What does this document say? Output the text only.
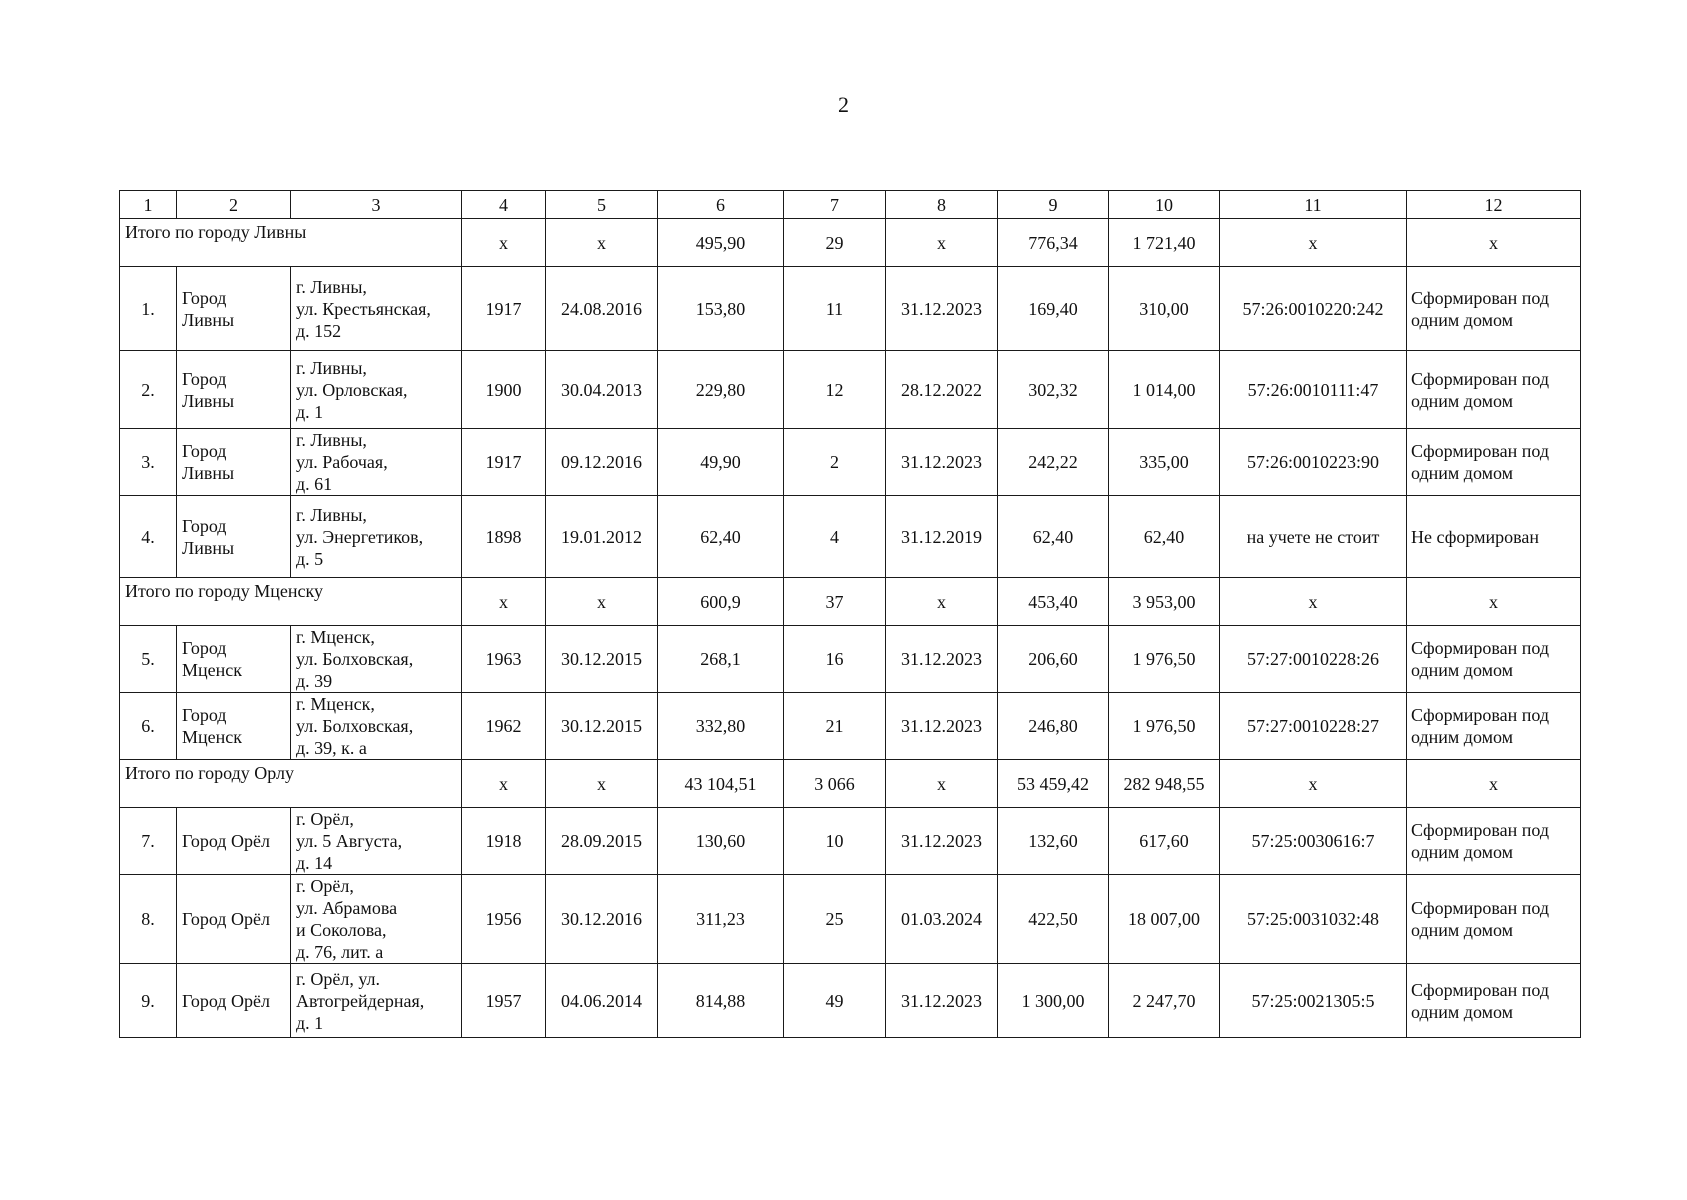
2
1	2	3	4	5	6	7	8	9	10	11	12
Итого по городу Ливны			x	x	495,90	29	x	776,34	1 721,40	x	x
1.	Город
Ливны	г. Ливны,
ул. Крестьянская,
д. 152	1917	24.08.2016	153,80	11	31.12.2023	169,40	310,00	57:26:0010220:242	Сформирован под
одним домом

2.	Город
Ливны	г. Ливны,
ул. Орловская,
д. 1	1900	30.04.2013	229,80	12	28.12.2022	302,32	1 014,00	57:26:0010111:47	Сформирован под
одним домом

3.	Город
Ливны	г. Ливны,
ул. Рабочая,
д. 61	1917	09.12.2016	49,90	2	31.12.2023	242,22	335,00	57:26:0010223:90	Сформирован под
одним домом

4.	Город
Ливны	г. Ливны,
ул. Энергетиков,
д. 5	1898	19.01.2012	62,40	4	31.12.2019	62,40	62,40	на учете не стоит	Не сформирован

Итого по городу Мценску			x	x	600,9	37	x	453,40	3 953,00	x	x
5.	Город
Мценск	г. Мценск,
ул. Болховская,
д. 39	1963	30.12.2015	268,1	16	31.12.2023	206,60	1 976,50	57:27:0010228:26	Сформирован под
одним домом

6.	Город
Мценск	г. Мценск,
ул. Болховская,
д. 39, к. а	1962	30.12.2015	332,80	21	31.12.2023	246,80	1 976,50	57:27:0010228:27	Сформирован под
одним домом

Итого по городу Орлу			x	x	43 104,51	3 066	x	53 459,42	282 948,55	x	x
7.	Город Орёл	г. Орёл,
ул. 5 Августа,
д. 14	1918	28.09.2015	130,60	10	31.12.2023	132,60	617,60	57:25:0030616:7	Сформирован под
одним домом

8.	Город Орёл	г. Орёл,
ул. Абрамова
и Соколова,
д. 76, лит. а	1956	30.12.2016	311,23	25	01.03.2024	422,50	18 007,00	57:25:0031032:48	Сформирован под
одним домом

9.	Город Орёл	г. Орёл, ул.
Автогрейдерная,
д. 1	1957	04.06.2014	814,88	49	31.12.2023	1 300,00	2 247,70	57:25:0021305:5	Сформирован под
одним домом
